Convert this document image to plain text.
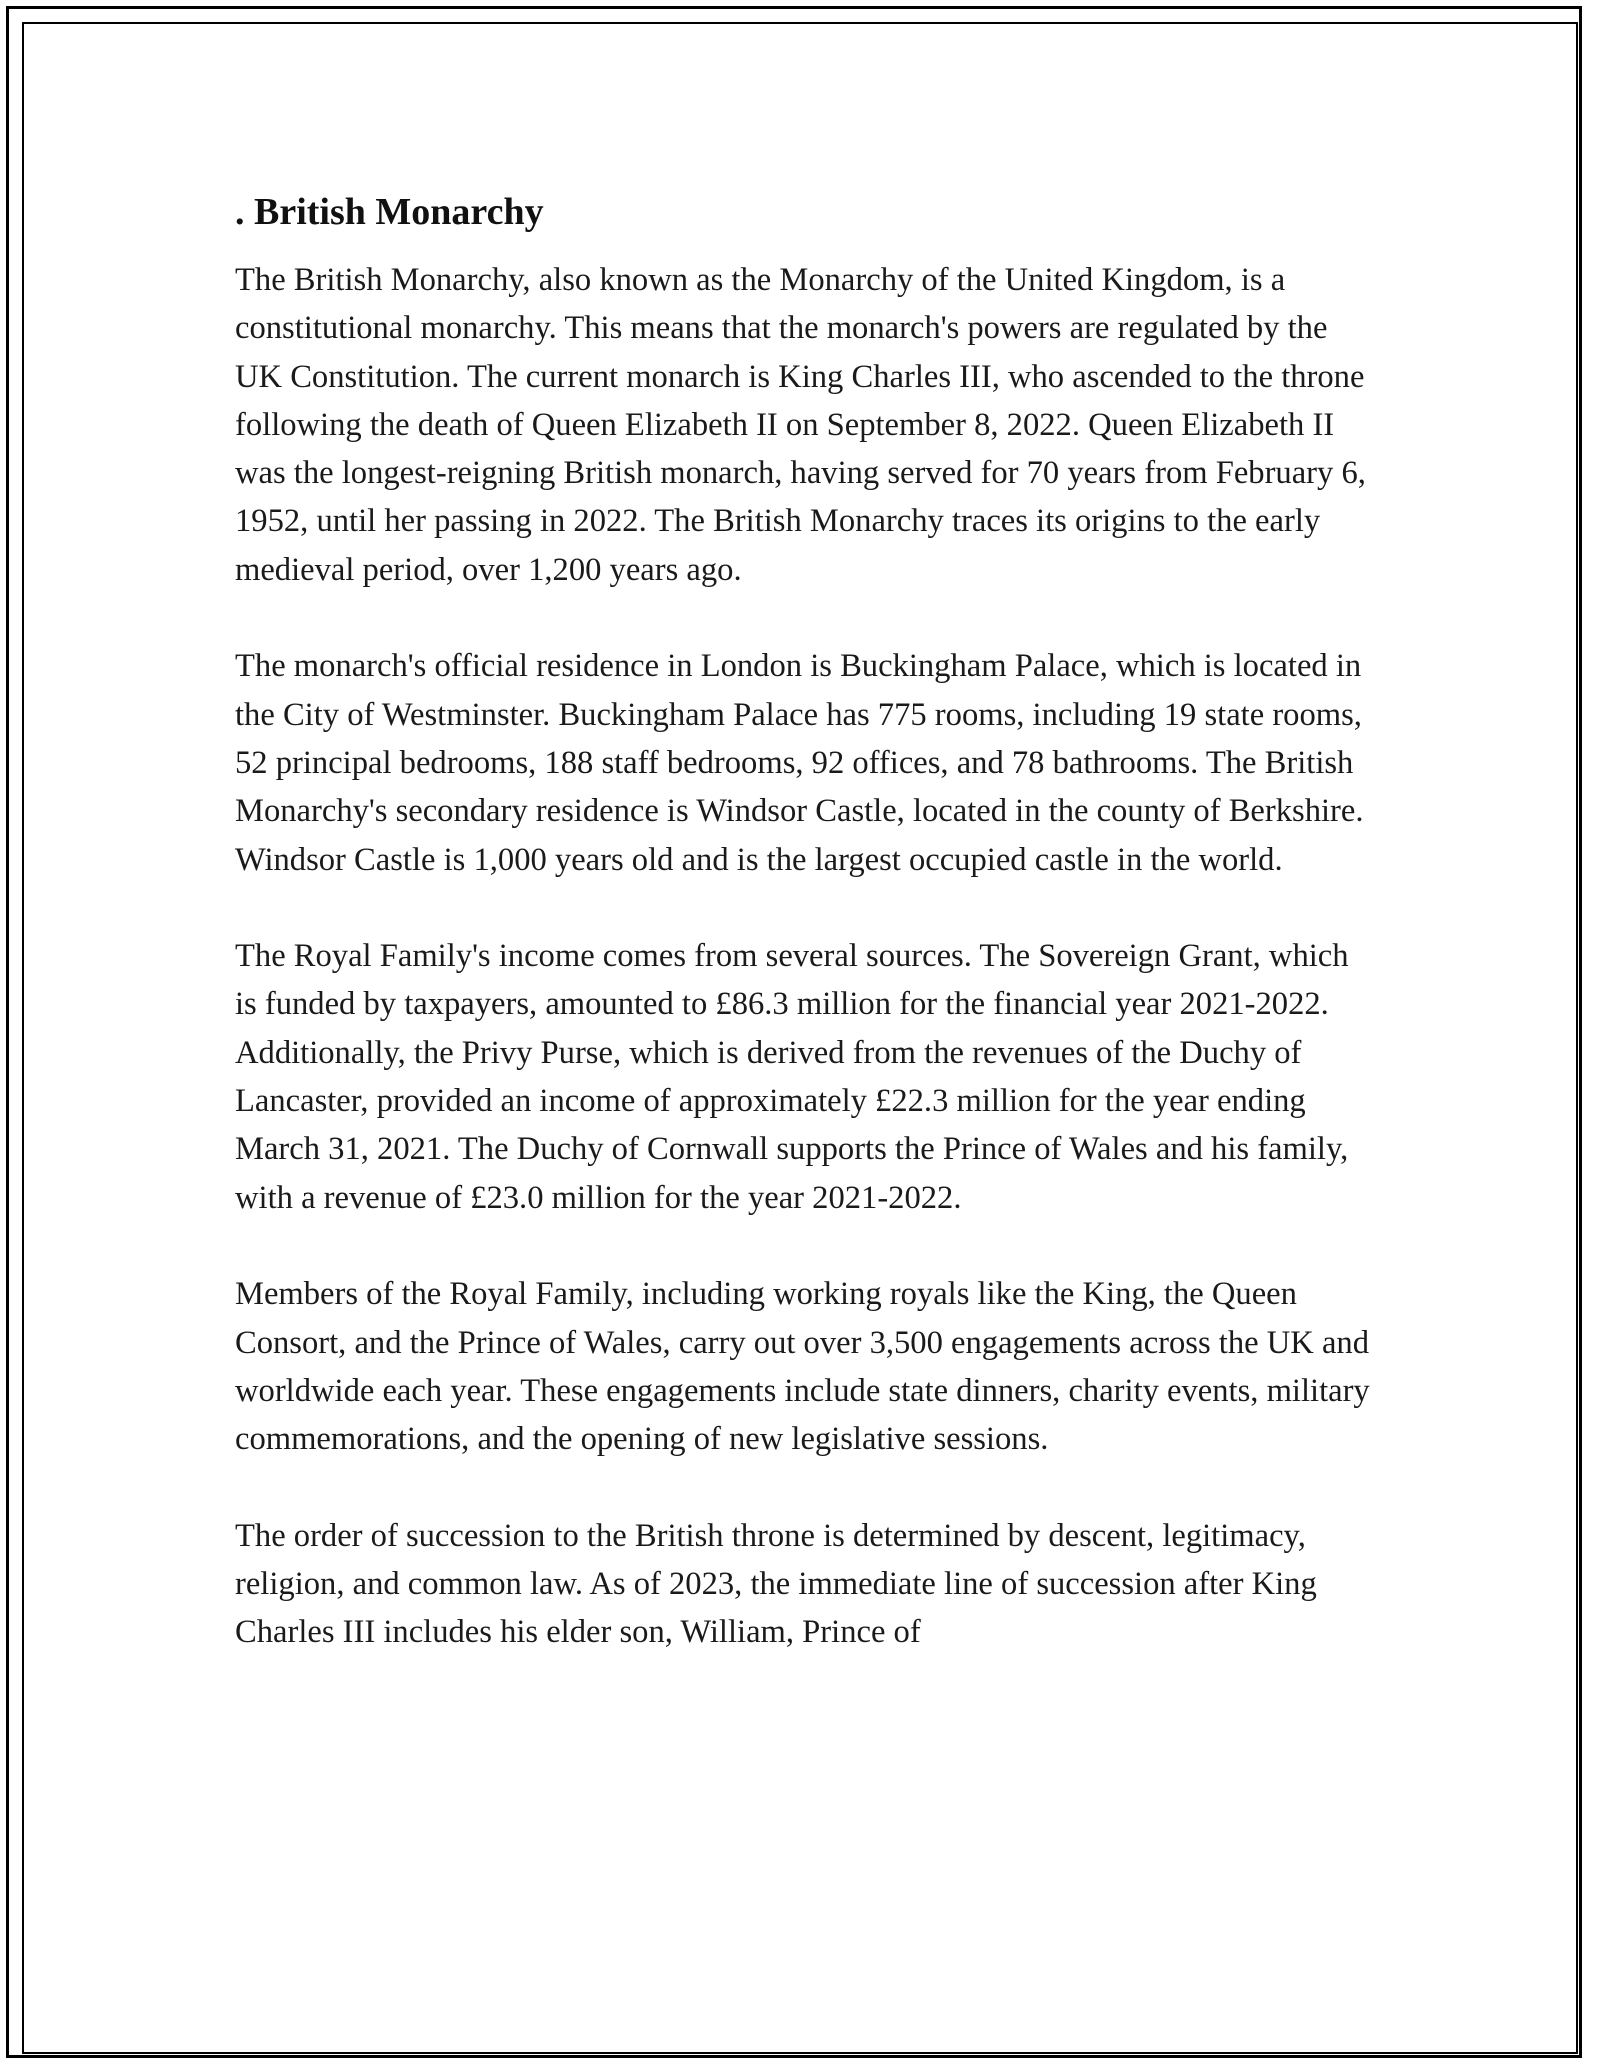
. British Monarchy

The British Monarchy, also known as the Monarchy of the United Kingdom, is a constitutional monarchy. This means that the monarch's powers are regulated by the UK Constitution. The current monarch is King Charles III, who ascended to the throne following the death of Queen Elizabeth II on September 8, 2022. Queen Elizabeth II was the longest-reigning British monarch, having served for 70 years from February 6, 1952, until her passing in 2022. The British Monarchy traces its origins to the early medieval period, over 1,200 years ago.

The monarch's official residence in London is Buckingham Palace, which is located in the City of Westminster. Buckingham Palace has 775 rooms, including 19 state rooms, 52 principal bedrooms, 188 staff bedrooms, 92 offices, and 78 bathrooms. The British Monarchy's secondary residence is Windsor Castle, located in the county of Berkshire. Windsor Castle is 1,000 years old and is the largest occupied castle in the world.

The Royal Family's income comes from several sources. The Sovereign Grant, which is funded by taxpayers, amounted to £86.3 million for the financial year 2021-2022. Additionally, the Privy Purse, which is derived from the revenues of the Duchy of Lancaster, provided an income of approximately £22.3 million for the year ending March 31, 2021. The Duchy of Cornwall supports the Prince of Wales and his family, with a revenue of £23.0 million for the year 2021-2022.

Members of the Royal Family, including working royals like the King, the Queen Consort, and the Prince of Wales, carry out over 3,500 engagements across the UK and worldwide each year. These engagements include state dinners, charity events, military commemorations, and the opening of new legislative sessions.

The order of succession to the British throne is determined by descent, legitimacy, religion, and common law. As of 2023, the immediate line of succession after King Charles III includes his elder son, William, Prince of
